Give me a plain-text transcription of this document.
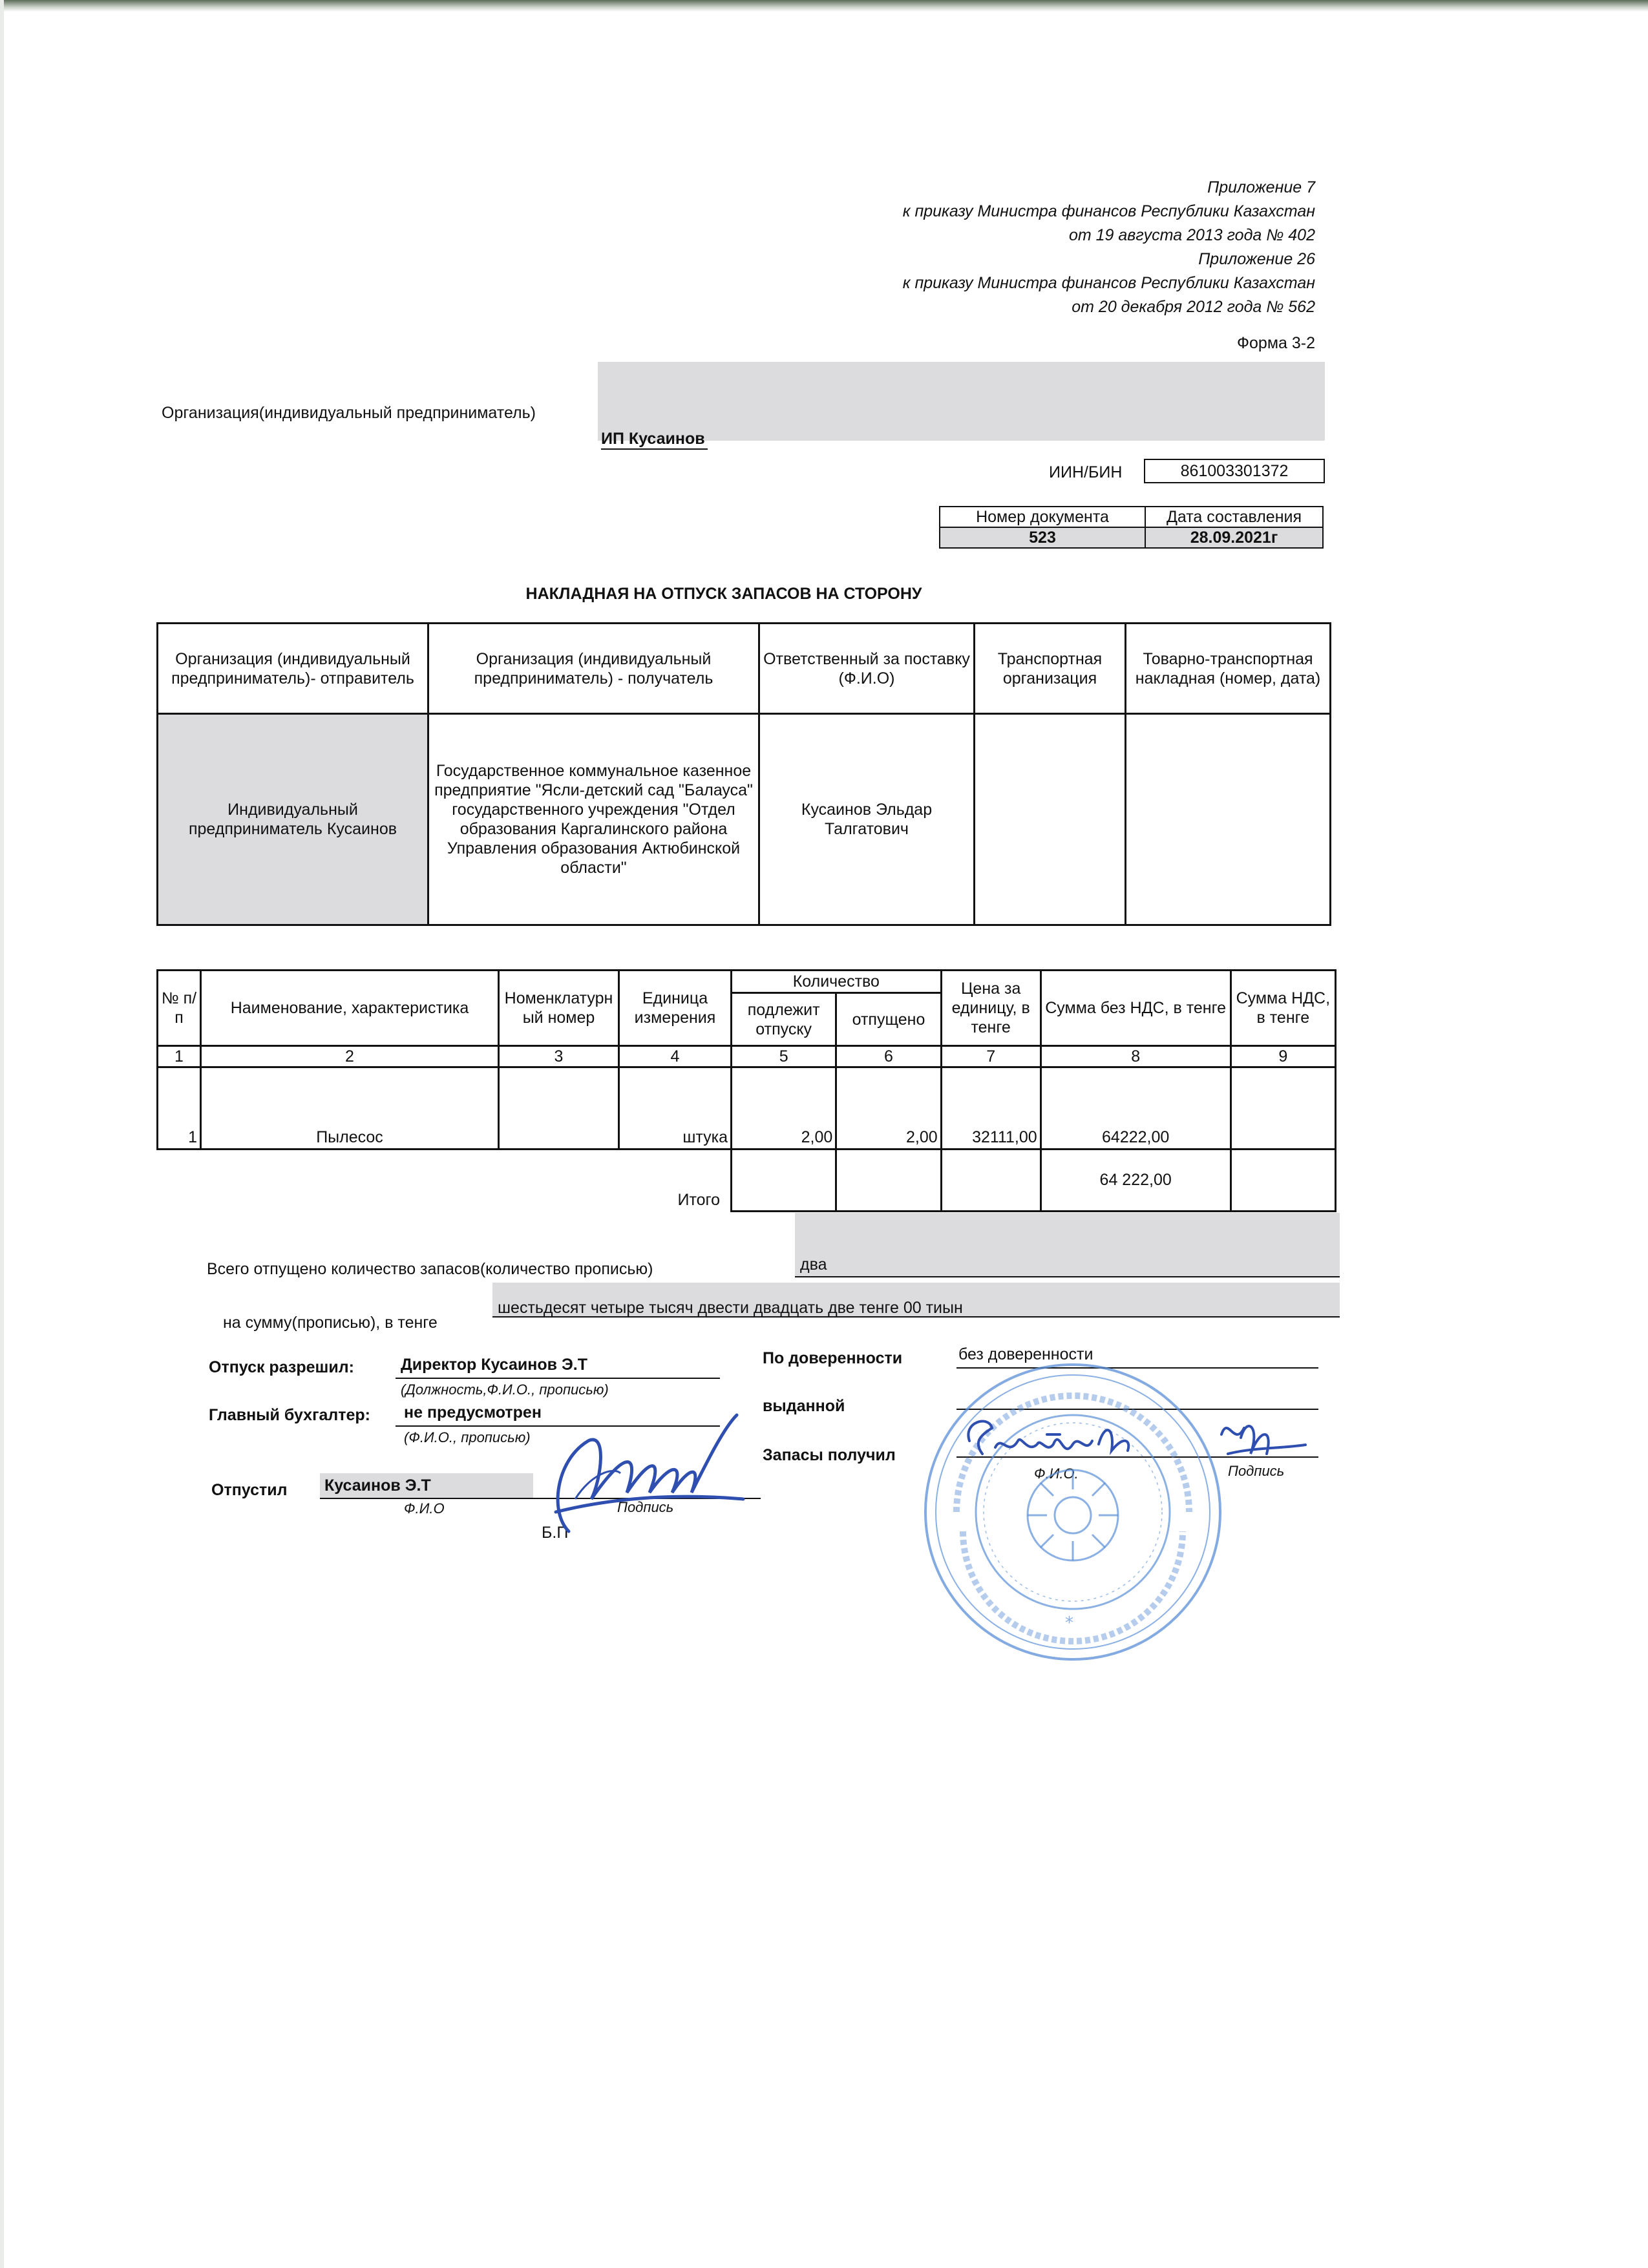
Приложение 7
к приказу Министра финансов Республики Казахстан
от 19 августа 2013 года № 402
Приложение 26
к приказу Министра финансов Республики Казахстан
от 20 декабря 2012 года № 562
Форма 3-2
Организация(индивидуальный предприниматель)
ИП Кусаинов
ИИН/БИН	861003301372
Номер документа	Дата составления
523	28.09.2021г
НАКЛАДНАЯ НА ОТПУСК ЗАПАСОВ НА СТОРОНУ
Организация (индивидуальный предприниматель)- отправитель	Организация (индивидуальный предприниматель) - получатель	Ответственный за поставку (Ф.И.О)	Транспортная организация	Товарно-транспортная накладная (номер, дата)
Индивидуальный предприниматель Кусаинов	Государственное коммунальное казенное предприятие "Ясли-детский сад "Балауса" государственного учреждения "Отдел образования Каргалинского района Управления образования Актюбинской области"	Кусаинов Эльдар Талгатович		
№ п/п	Наименование, характеристика	Номенклатурный номер	Единица измерения	Количество		Цена за единицу, в тенге	Сумма без НДС, в тенге	Сумма НДС, в тенге
				подлежит отпуску	отпущено			
1	2	3	4	5	6	7	8	9
1	Пылесос		штука	2,00	2,00	32111,00	64222,00	
Итого							64 222,00	
Всего отпущено количество запасов(количество прописью)	два
на сумму(прописью), в тенге
шестьдесят четыре тысяч двести двадцать две тенге 00 тиын
Отпуск разрешил:	Директор Кусаинов Э.Т
(Должность,Ф.И.О., прописью)
Главный бухгалтер: не предусмотрен
(Ф.И.О., прописью)
Отпустил Кусаинов Э.Т
Ф.И.О	Подпись
Б.П
По доверенности	без доверенности
выданной
Запасы получил
Ф.И.О.	Подпись
*
